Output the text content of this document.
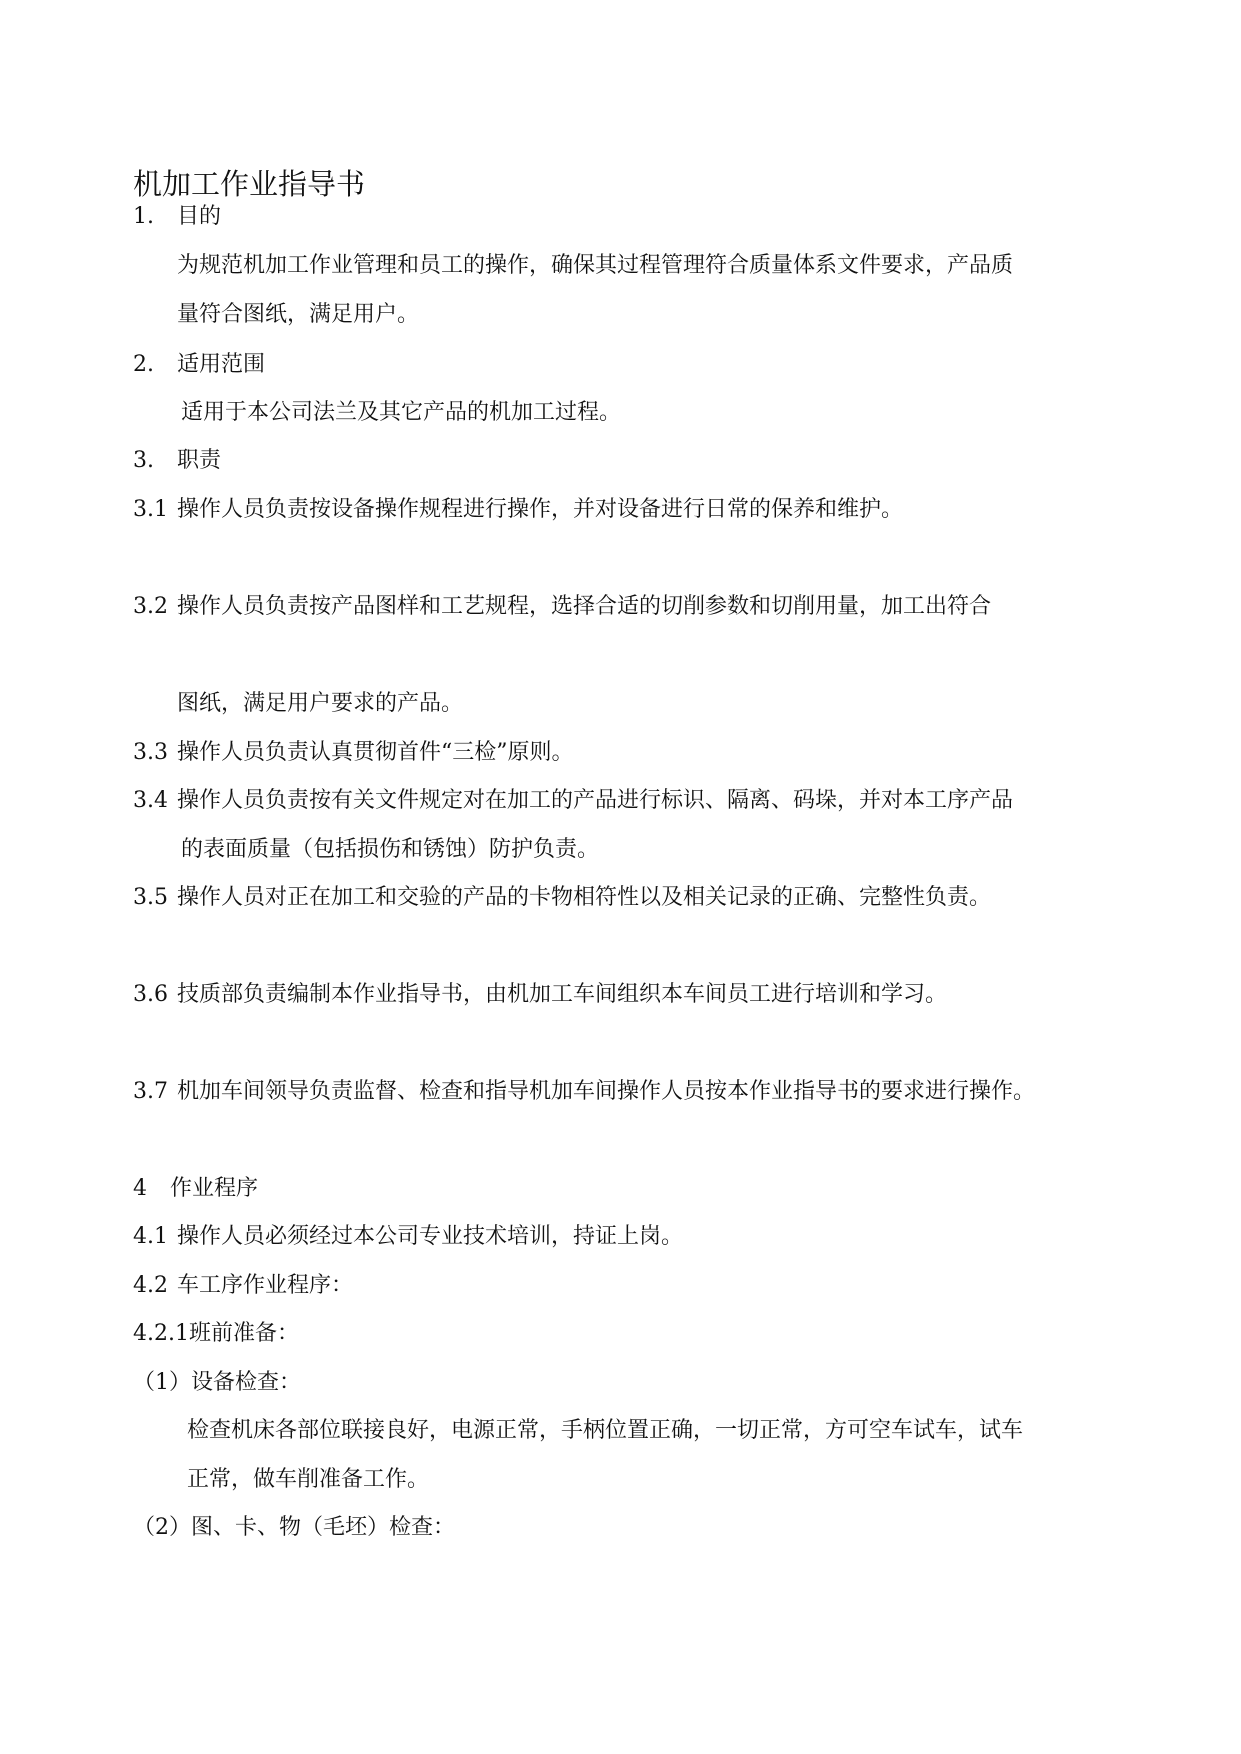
机加工作业指导书
1. 目的
为规范机加工作业管理和员工的操作，确保其过程管理符合质量体系文件要求，产品质
量符合图纸，满足用户。
2. 适用范围
适用于本公司法兰及其它产品的机加工过程。
3. 职责
3.1 操作人员负责按设备操作规程进行操作，并对设备进行日常的保养和维护。
3.2 操作人员负责按产品图样和工艺规程，选择合适的切削参数和切削用量，加工出符合
图纸，满足用户要求的产品。
3.3 操作人员负责认真贯彻首件“三检”原则。
3.4 操作人员负责按有关文件规定对在加工的产品进行标识、隔离、码垛，并对本工序产品
的表面质量（包括损伤和锈蚀）防护负责。
3.5 操作人员对正在加工和交验的产品的卡物相符性以及相关记录的正确、完整性负责。
3.6 技质部负责编制本作业指导书，由机加工车间组织本车间员工进行培训和学习。
3.7 机加车间领导负责监督、检查和指导机加车间操作人员按本作业指导书的要求进行操作。
4 作业程序
4.1 操作人员必须经过本公司专业技术培训，持证上岗。
4.2 车工序作业程序：
4.2.1班前准备：
（1）设备检查：
检查机床各部位联接良好，电源正常，手柄位置正确，一切正常，方可空车试车，试车
正常，做车削准备工作。
（2）图、卡、物（毛坯）检查：
